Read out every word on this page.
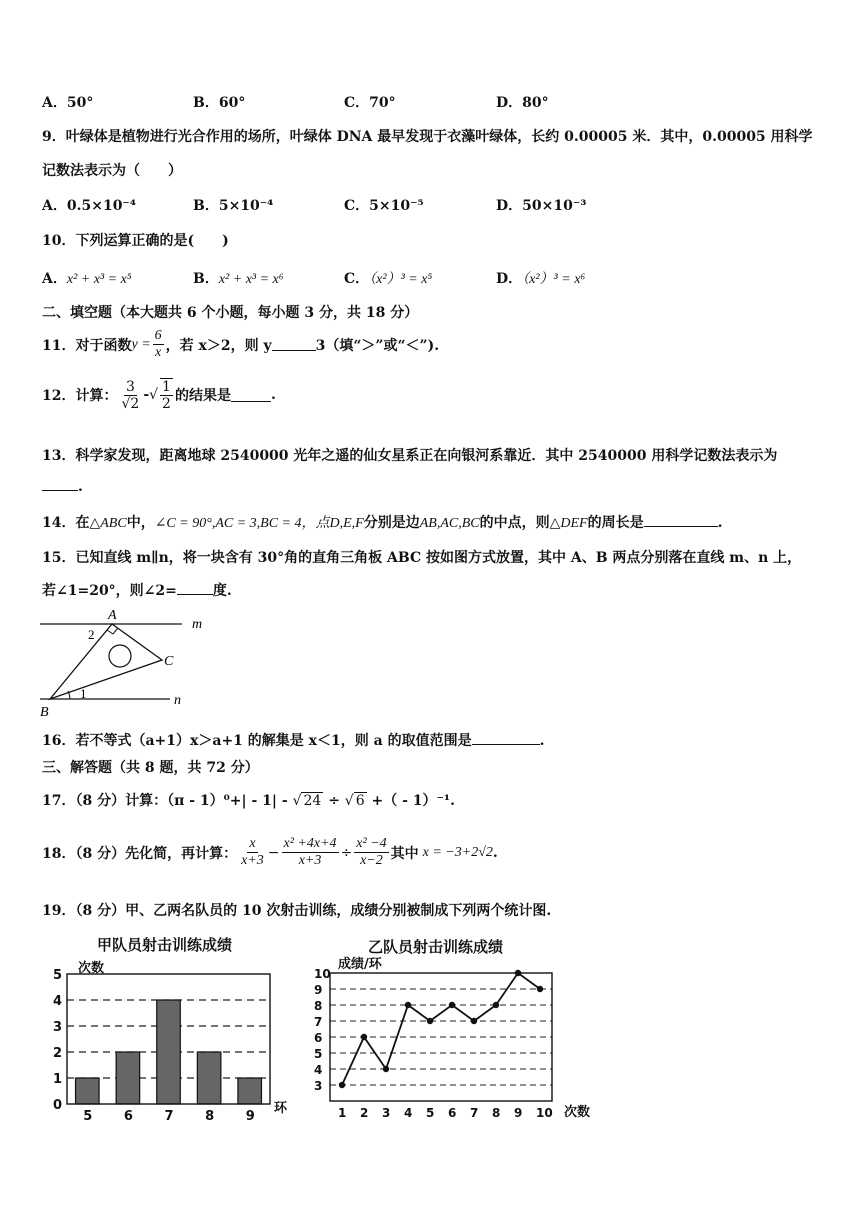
A．50°	B．60°	C．70°	D．80°
9．叶绿体是植物进行光合作用的场所，叶绿体 DNA 最早发现于衣藻叶绿体，长约 0.00005 米．其中，0.00005 用科学
记数法表示为（　　）
A．0.5×10⁻⁴	B．5×10⁻⁴	C．5×10⁻⁵	D．50×10⁻³
10．下列运算正确的是(　　)
A．x² + x³ = x⁵	B．x² + x³ = x⁶	C．（x²）³ = x⁵	D．（x²）³ = x⁶
二、填空题（本大题共 6 个小题，每小题 3 分，共 18 分）
11．对于函数 $y = \frac{6}{x}$ ，若 x＞2，则 y	3（填“＞”或“＜”).
12．计算： $\frac{3}{√2}$ - √ $\frac{1}{2}$ 的结果是	.
13．科学家发现，距离地球 2540000 光年之遥的仙女星系正在向银河系靠近．其中 2540000 用科学记数法表示为
.
14．在△ABC中，∠C = 90°,AC = 3,BC = 4，点D,E,F分别是边AB,AC,BC的中点，则△DEF的周长是	.
15．已知直线 m∥n，将一块含有 30°角的直角三角板 ABC 按如图方式放置，其中 A、B 两点分别落在直线 m、n 上，
若∠1=20°，则∠2=	度.
m
n
A
B
C
1
2
16．若不等式（a+1）x＞a+1 的解集是 x＜1，则 a 的取值范围是	.
三、解答题（共 8 题，共 72 分）
17．（8 分）计算：（π - 1）⁰+| - 1| - √ 24 ÷ √ 6 +（ - 1）⁻¹.
18．（8 分）先化简，再计算： $\frac{x}{x+3} - \frac{\text{x² +4x+4}}{x+3} \div \frac{\text{x² −4}}{x-2}$ 其中 x = −3+2√2 .
19．（8 分）甲、乙两名队员的 10 次射击训练，成绩分别被制成下列两个统计图.
甲队员射击训练成绩
次数
环
0
1
2
3
4
5
5 6 7 8 9
乙队员射击训练成绩
成绩/环
次数
3
4
5
6
7
8
9
10
1 2 3 4 5 6 7 8 9 10
